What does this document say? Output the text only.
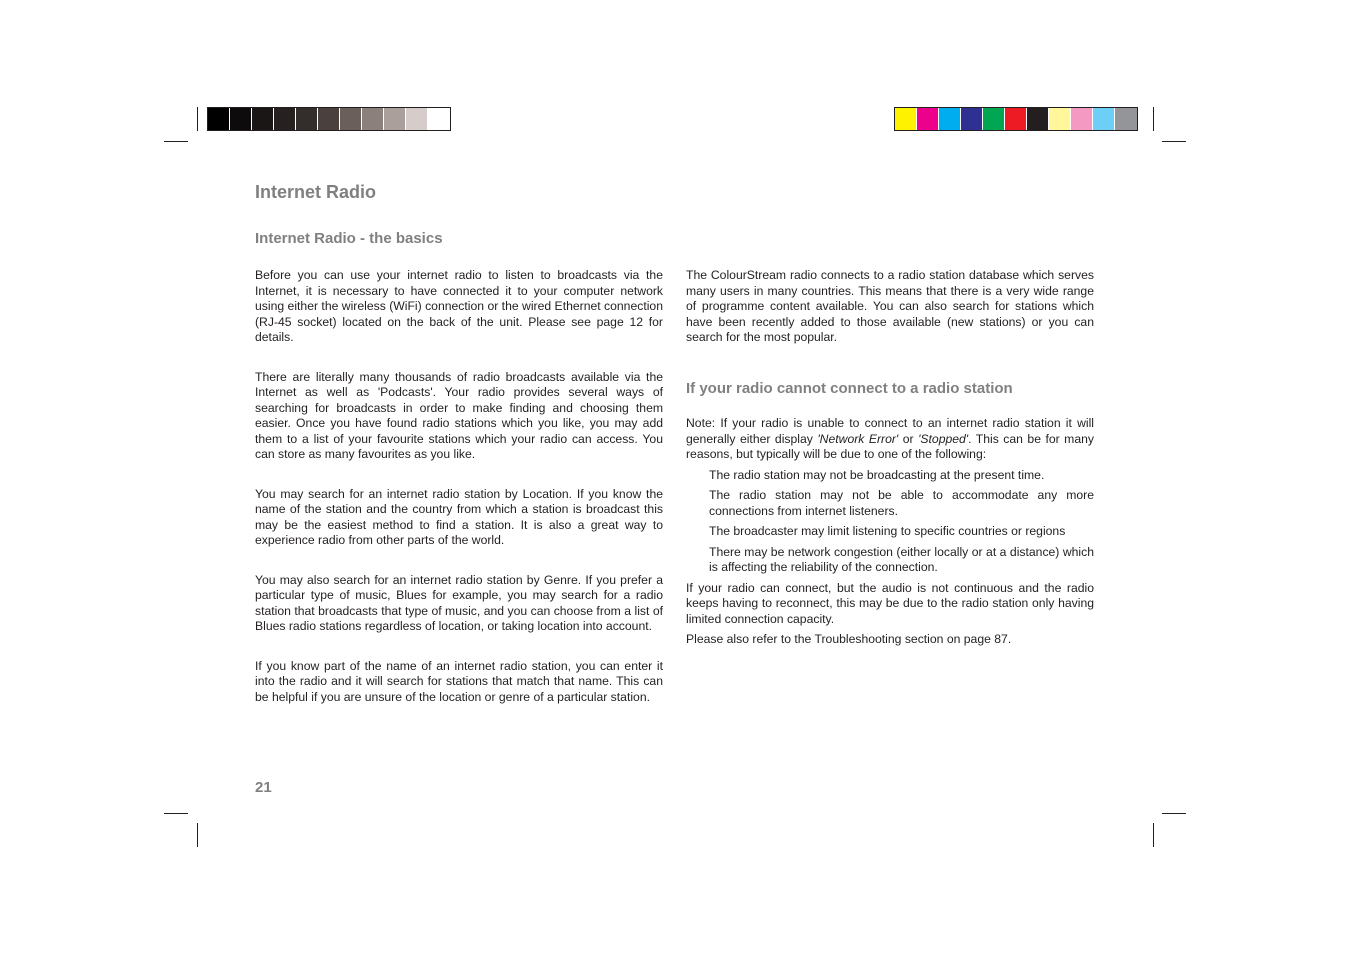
Internet Radio
Internet Radio - the basics

Before you can use your internet radio to listen to broadcasts via the Internet, it is necessary to have connected it to your computer network using either the wireless (WiFi) connection or the wired Ethernet connection (RJ-45 socket) located on the back of the unit. Please see page 12 for details.

There are literally many thousands of radio broadcasts available via the Internet as well as 'Podcasts'. Your radio provides several ways of searching for broadcasts in order to make finding and choosing them easier. Once you have found radio stations which you like, you may add them to a list of your favourite stations which your radio can access. You can store as many favourites as you like.

You may search for an internet radio station by Location. If you know the name of the station and the country from which a station is broadcast this may be the easiest method to find a station. It is also a great way to experience radio from other parts of the world.

You may also search for an internet radio station by Genre. If you prefer a particular type of music, Blues for example, you may search for a radio station that broadcasts that type of music, and you can choose from a list of Blues radio stations regardless of location, or taking location into account.

If you know part of the name of an internet radio station, you can enter it into the radio and it will search for stations that match that name. This can be helpful if you are unsure of the location or genre of a particular station.

The ColourStream radio connects to a radio station database which serves many users in many countries. This means that there is a very wide range of programme content available. You can also search for stations which have been recently added to those available (new stations) or you can search for the most popular.

If your radio cannot connect to a radio station

Note: If your radio is unable to connect to an internet radio station it will generally either display 'Network Error' or 'Stopped'. This can be for many reasons, but typically will be due to one of the following:

The radio station may not be broadcasting at the present time.

The radio station may not be able to accommodate any more connections from internet listeners.

The broadcaster may limit listening to specific countries or regions

There may be network congestion (either locally or at a distance) which is affecting the reliability of the connection.

If your radio can connect, but the audio is not continuous and the radio keeps having to reconnect, this may be due to the radio station only having limited connection capacity.

Please also refer to the Troubleshooting section on page 87.

21
